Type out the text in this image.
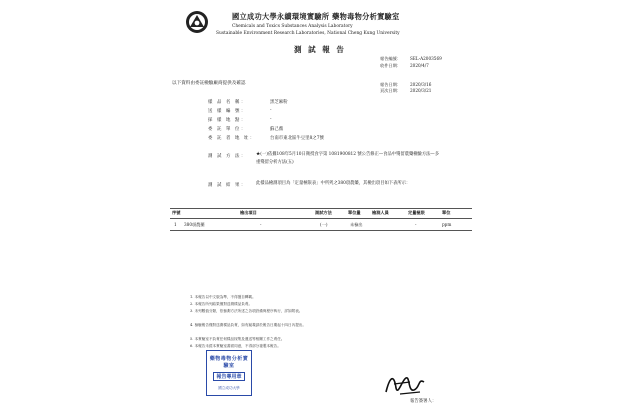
國立成功大學永續環境實驗所 藥物毒物分析實驗室
Chemicals and Toxics Substances Analysis Laboratory
Sustainable Environment Research Laboratories, National Cheng Kung University
測 試 報 告
報告編號： SEL-A2003569
收件日期： 2020/4/7
報告日期： 2020/3/16
頁次日期： 2020/3/21
以下資料由委託檢驗廠商提供及確認
樣 品 名 稱：	黑芝麻粉
送 樣 編 號：	-
採 樣 地 點：	-
委 託 單 位：	蘇己薇
委 託 者 地 址：	台南市東北區牛豆里8之7號
測 試 方 法： ★(一)依據108年5月10日衛授食字第 1081900812 號公告修正—食品中殘留農藥檢驗方法—多重殘留分析方法(五)
測 試 結 果： 此樣品檢測項目為「定量極限表」中所列之380項農藥，其檢出項目如下表所示：
序號	檢出項目	測試方法	單位量	檢測人員	定量極限	單位
1 380項農藥	-	(一)	未檢出	-	ppm
1. 本報告以中文版為準，不得擅自轉載。
2. 本報告所列結果僅對送測樣品負責。
3. 未列數值分類，依檢測方法所述之各項設備與程序執行，詳如附表。
4. 檢驗報告僅對送測樣品負責，如有疑義請於報告日期起十四日內提出。
5. 本實驗室不負責任何樣品採集及運送等相關工作之責任。
6. 本報告未經本實驗室書面同意，不得部分複製本報告。
藥物毒物分析實驗室
報告專用章
國立成功大學
報告簽署人：
